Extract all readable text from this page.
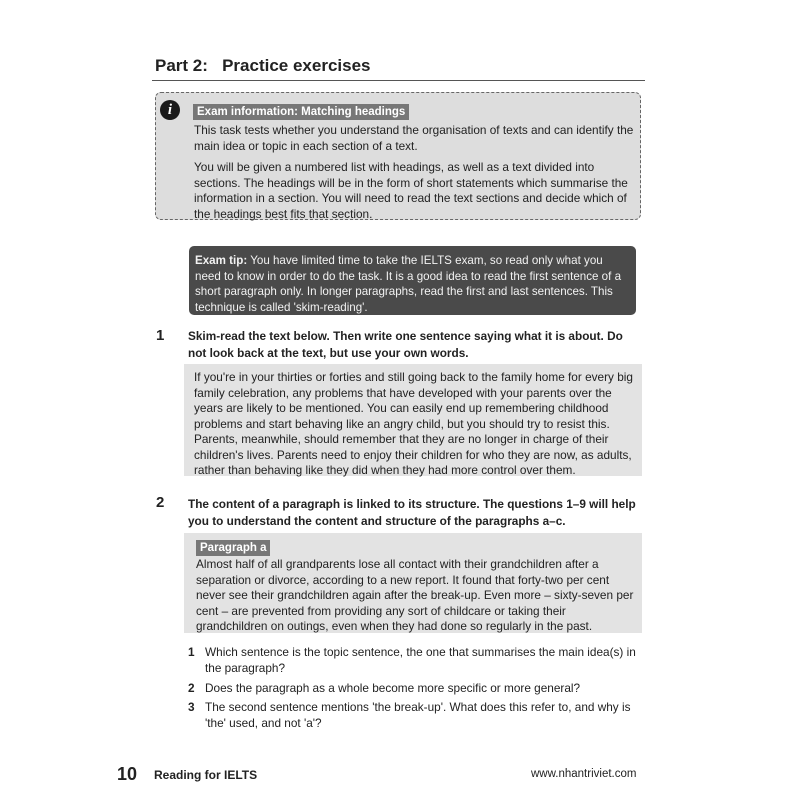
Part 2:   Practice exercises
i	Exam information: Matching headings

This task tests whether you understand the organisation of texts and can identify the main idea or topic in each section of a text.

You will be given a numbered list with headings, as well as a text divided into sections. The headings will be in the form of short statements which summarise the information in a section. You will need to read the text sections and decide which of the headings best fits that section.

Exam tip: You have limited time to take the IELTS exam, so read only what you need to know in order to do the task. It is a good idea to read the first sentence of a short paragraph only. In longer paragraphs, read the first and last sentences. This technique is called 'skim-reading'.
1 Skim-read the text below. Then write one sentence saying what it is about. Do not look back at the text, but use your own words.

If you're in your thirties or forties and still going back to the family home for every big family celebration, any problems that have developed with your parents over the years are likely to be mentioned. You can easily end up remembering childhood problems and start behaving like an angry child, but you should try to resist this. Parents, meanwhile, should remember that they are no longer in charge of their children's lives. Parents need to enjoy their children for who they are now, as adults, rather than behaving like they did when they had more control over them.
2 The content of a paragraph is linked to its structure. The questions 1–9 will help you to understand the content and structure of the paragraphs a–c.

Almost half of all grandparents lose all contact with their grandchildren after a separation or divorce, according to a new report. It found that forty-two per cent never see their grandchildren again after the break-up. Even more – sixty-seven per cent – are prevented from providing any sort of childcare or taking their grandchildren on outings, even when they had done so regularly in the past.
Paragraph a
1 Which sentence is the topic sentence, the one that summarises the main idea(s) in the paragraph?
2 Does the paragraph as a whole become more specific or more general?
3 The second sentence mentions 'the break-up'. What does this refer to, and why is 'the' used, and not 'a'?
10 Reading for IELTS	www.nhantriviet.com
